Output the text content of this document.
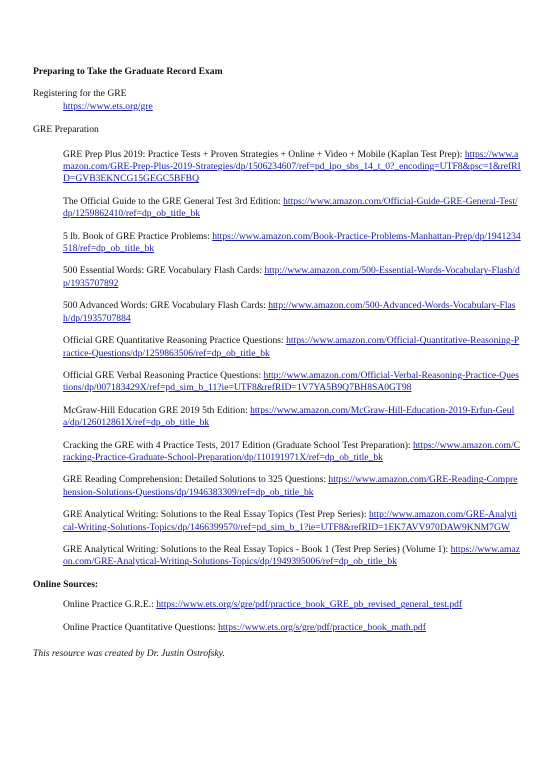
Preparing to Take the Graduate Record Exam

Registering for the GRE

https://www.ets.org/gre

GRE Preparation

GRE Prep Plus 2019: Practice Tests + Proven Strategies + Online + Video + Mobile (Kaplan Test Prep): https://www.amazon.com/GRE-Prep-Plus-2019-Strategies/dp/1506234607/ref=pd_lpo_sbs_14_t_0?_encoding=UTF8&psc=1&refRID=GVB3EKNCG15GEGC5BFBQ

The Official Guide to the GRE General Test 3rd Edition: https://www.amazon.com/Official-Guide-GRE-General-Test/dp/1259862410/ref=dp_ob_title_bk

5 lb. Book of GRE Practice Problems: https://www.amazon.com/Book-Practice-Problems-Manhattan-Prep/dp/1941234518/ref=dp_ob_title_bk

500 Essential Words: GRE Vocabulary Flash Cards: http://www.amazon.com/500-Essential-Words-Vocabulary-Flash/dp/1935707892

500 Advanced Words: GRE Vocabulary Flash Cards: http://www.amazon.com/500-Advanced-Words-Vocabulary-Flash/dp/1935707884

Official GRE Quantitative Reasoning Practice Questions: https://www.amazon.com/Official-Quantitative-Reasoning-Practice-Questions/dp/1259863506/ref=dp_ob_title_bk

Official GRE Verbal Reasoning Practice Questions: http://www.amazon.com/Official-Verbal-Reasoning-Practice-Questions/dp/007183429X/ref=pd_sim_b_11?ie=UTF8&refRID=1V7YA5B9Q7BH8SA0GT98

McGraw-Hill Education GRE 2019 5th Edition: https://www.amazon.com/McGraw-Hill-Education-2019-Erfun-Geula/dp/126012861X/ref=dp_ob_title_bk

Cracking the GRE with 4 Practice Tests, 2017 Edition (Graduate School Test Preparation): https://www.amazon.com/Cracking-Practice-Graduate-School-Preparation/dp/110191971X/ref=dp_ob_title_bk

GRE Reading Comprehension: Detailed Solutions to 325 Questions: https://www.amazon.com/GRE-Reading-Comprehension-Solutions-Questions/dp/1946383309/ref=dp_ob_title_bk

GRE Analytical Writing: Solutions to the Real Essay Topics (Test Prep Series): http://www.amazon.com/GRE-Analytical-Writing-Solutions-Topics/dp/1466399570/ref=pd_sim_b_1?ie=UTF8&refRID=1EK7AVV970DAW9KNM7GW

GRE Analytical Writing: Solutions to the Real Essay Topics - Book 1 (Test Prep Series) (Volume 1): https://www.amazon.com/GRE-Analytical-Writing-Solutions-Topics/dp/1949395006/ref=dp_ob_title_bk

Online Sources:

Online Practice G.R.E.: https://www.ets.org/s/gre/pdf/practice_book_GRE_pb_revised_general_test.pdf

Online Practice Quantitative Questions: https://www.ets.org/s/gre/pdf/practice_book_math.pdf

This resource was created by Dr. Justin Ostrofsky.
